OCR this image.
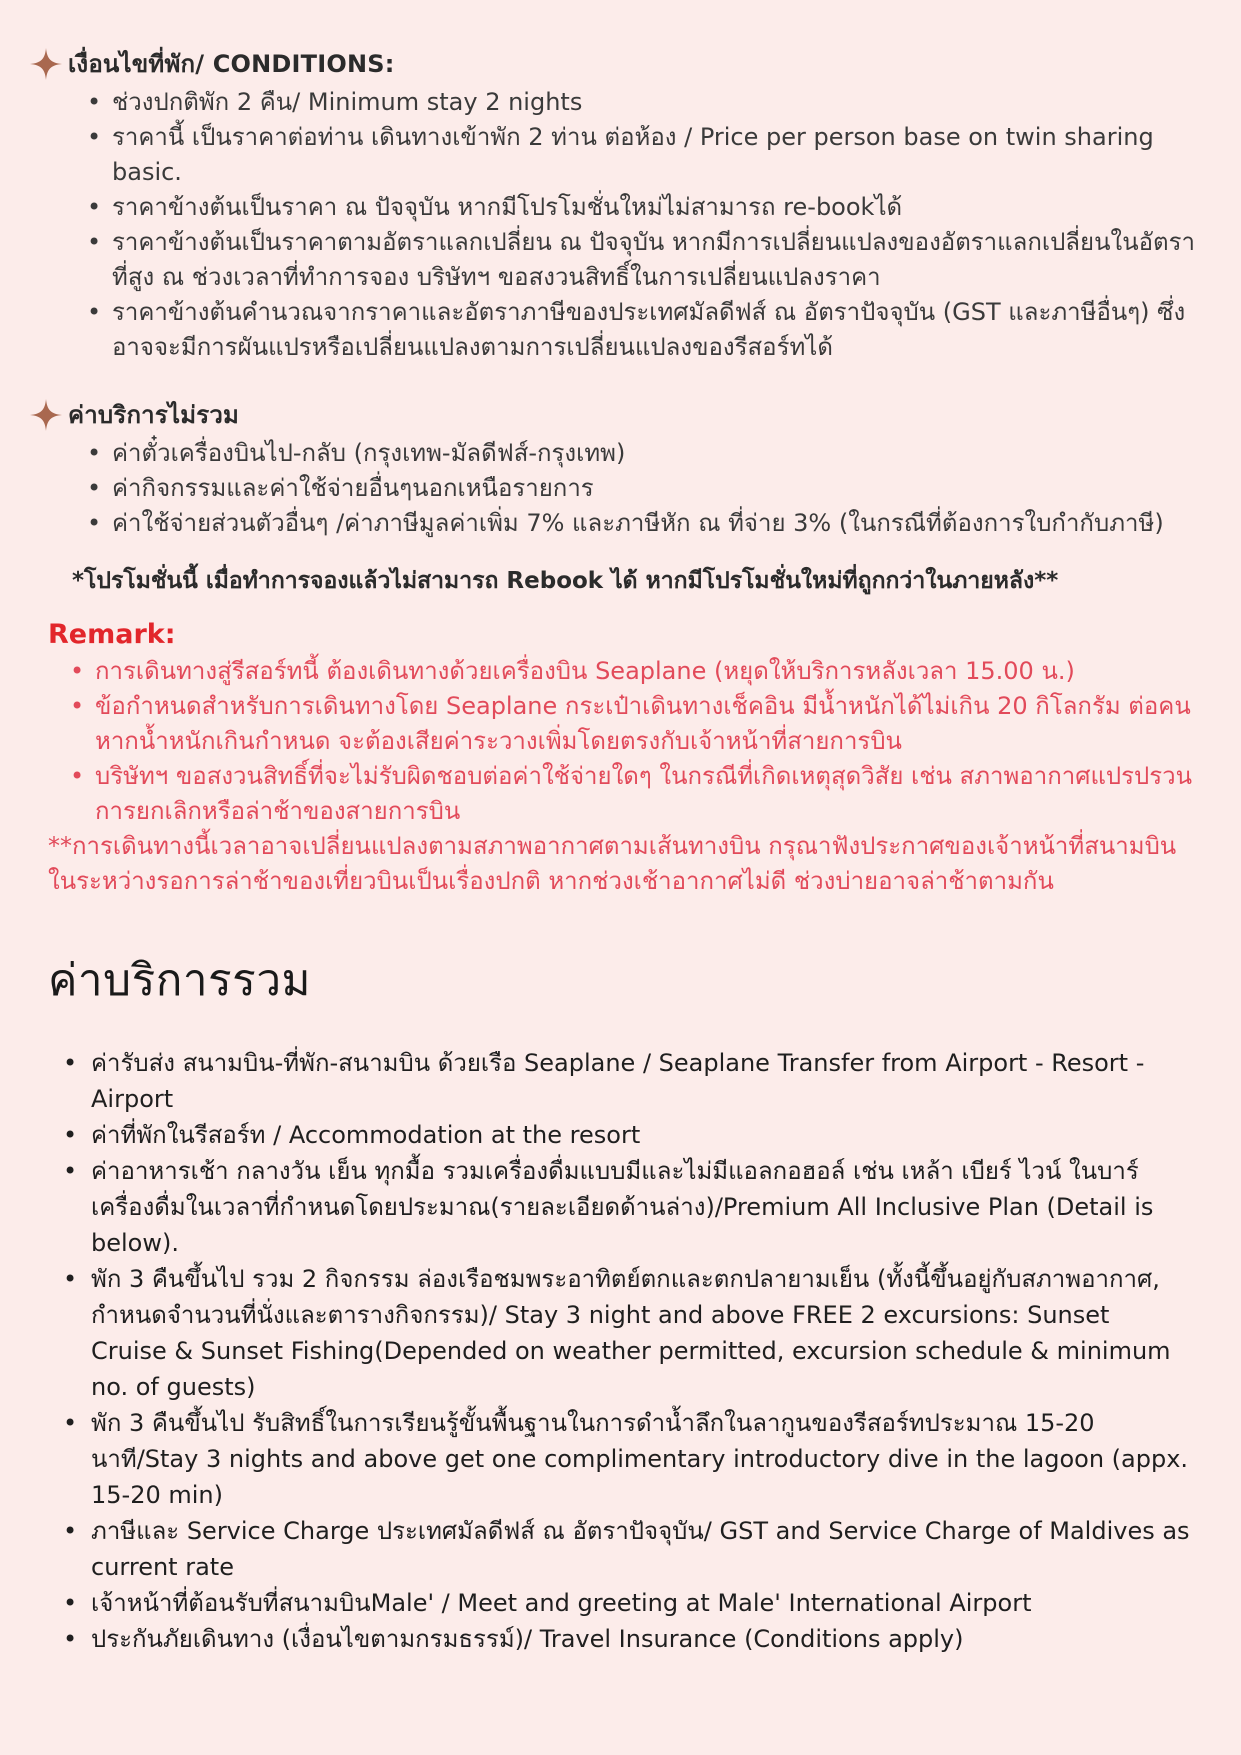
เงื่อนไขที่พัก/ CONDITIONS:
• ช่วงปกติพัก 2 คืน/ Minimum stay 2 nights
• ราคานี้ เป็นราคาต่อท่าน เดินทางเข้าพัก 2 ท่าน ต่อห้อง / Price per person base on twin sharing basic.
• ราคาข้างต้นเป็นราคา ณ ปัจจุบัน หากมีโปรโมชั่นใหม่ไม่สามารถ re-bookได้
• ราคาข้างต้นเป็นราคาตามอัตราแลกเปลี่ยน ณ ปัจจุบัน หากมีการเปลี่ยนแปลงของอัตราแลกเปลี่ยนในอัตราที่สูง ณ ช่วงเวลาที่ทำการจอง บริษัทฯ ขอสงวนสิทธิ์ในการเปลี่ยนแปลงราคา
• ราคาข้างต้นคำนวณจากราคาและอัตราภาษีของประเทศมัลดีฟส์ ณ อัตราปัจจุบัน (GST และภาษีอื่นๆ) ซึ่งอาจจะมีการผันแปรหรือเปลี่ยนแปลงตามการเปลี่ยนแปลงของรีสอร์ทได้
ค่าบริการไม่รวม
• ค่าตั๋วเครื่องบินไป-กลับ (กรุงเทพ-มัลดีฟส์-กรุงเทพ)
• ค่ากิจกรรมและค่าใช้จ่ายอื่นๆนอกเหนือรายการ
• ค่าใช้จ่ายส่วนตัวอื่นๆ /ค่าภาษีมูลค่าเพิ่ม 7% และภาษีหัก ณ ที่จ่าย 3% (ในกรณีที่ต้องการใบกำกับภาษี)
*โปรโมชั่นนี้ เมื่อทำการจองแล้วไม่สามารถ Rebook ได้ หากมีโปรโมชั่นใหม่ที่ถูกกว่าในภายหลัง**
Remark:
• การเดินทางสู่รีสอร์ทนี้ ต้องเดินทางด้วยเครื่องบิน Seaplane (หยุดให้บริการหลังเวลา 15.00 น.)
• ข้อกำหนดสำหรับการเดินทางโดย Seaplane กระเป๋าเดินทางเช็คอิน มีน้ำหนักได้ไม่เกิน 20 กิโลกรัม ต่อคน หากน้ำหนักเกินกำหนด จะต้องเสียค่าระวางเพิ่มโดยตรงกับเจ้าหน้าที่สายการบิน
• บริษัทฯ ขอสงวนสิทธิ์ที่จะไม่รับผิดชอบต่อค่าใช้จ่ายใดๆ ในกรณีที่เกิดเหตุสุดวิสัย เช่น สภาพอากาศแปรปรวน การยกเลิกหรือล่าช้าของสายการบิน
**การเดินทางนี้เวลาอาจเปลี่ยนแปลงตามสภาพอากาศตามเส้นทางบิน กรุณาฟังประกาศของเจ้าหน้าที่สนามบินในระหว่างรอการล่าช้าของเที่ยวบินเป็นเรื่องปกติ หากช่วงเช้าอากาศไม่ดี ช่วงบ่ายอาจล่าช้าตามกัน
ค่าบริการรวม
• ค่ารับส่ง สนามบิน-ที่พัก-สนามบิน ด้วยเรือ Seaplane / Seaplane Transfer from Airport - Resort - Airport
• ค่าที่พักในรีสอร์ท / Accommodation at the resort
• ค่าอาหารเช้า กลางวัน เย็น ทุกมื้อ รวมเครื่องดื่มแบบมีและไม่มีแอลกอฮอล์ เช่น เหล้า เบียร์ ไวน์ ในบาร์ เครื่องดื่มในเวลาที่กำหนดโดยประมาณ(รายละเอียดด้านล่าง)/Premium All Inclusive Plan (Detail is below).
• พัก 3 คืนขึ้นไป รวม 2 กิจกรรม ล่องเรือชมพระอาทิตย์ตกและตกปลายามเย็น (ทั้งนี้ขึ้นอยู่กับสภาพอากาศ, กำหนดจำนวนที่นั่งและตารางกิจกรรม)/ Stay 3 night and above FREE 2 excursions: Sunset Cruise & Sunset Fishing(Depended on weather permitted, excursion schedule & minimum no. of guests)
• พัก 3 คืนขึ้นไป รับสิทธิ์ในการเรียนรู้ขั้นพื้นฐานในการดำน้ำลึกในลากูนของรีสอร์ทประมาณ 15-20 นาที/Stay 3 nights and above get one complimentary introductory dive in the lagoon (appx. 15-20 min)
• ภาษีและ Service Charge ประเทศมัลดีฟส์ ณ อัตราปัจจุบัน/ GST and Service Charge of Maldives as current rate
• เจ้าหน้าที่ต้อนรับที่สนามบินMale' / Meet and greeting at Male' International Airport
• ประกันภัยเดินทาง (เงื่อนไขตามกรมธรรม์)/ Travel Insurance (Conditions apply)
